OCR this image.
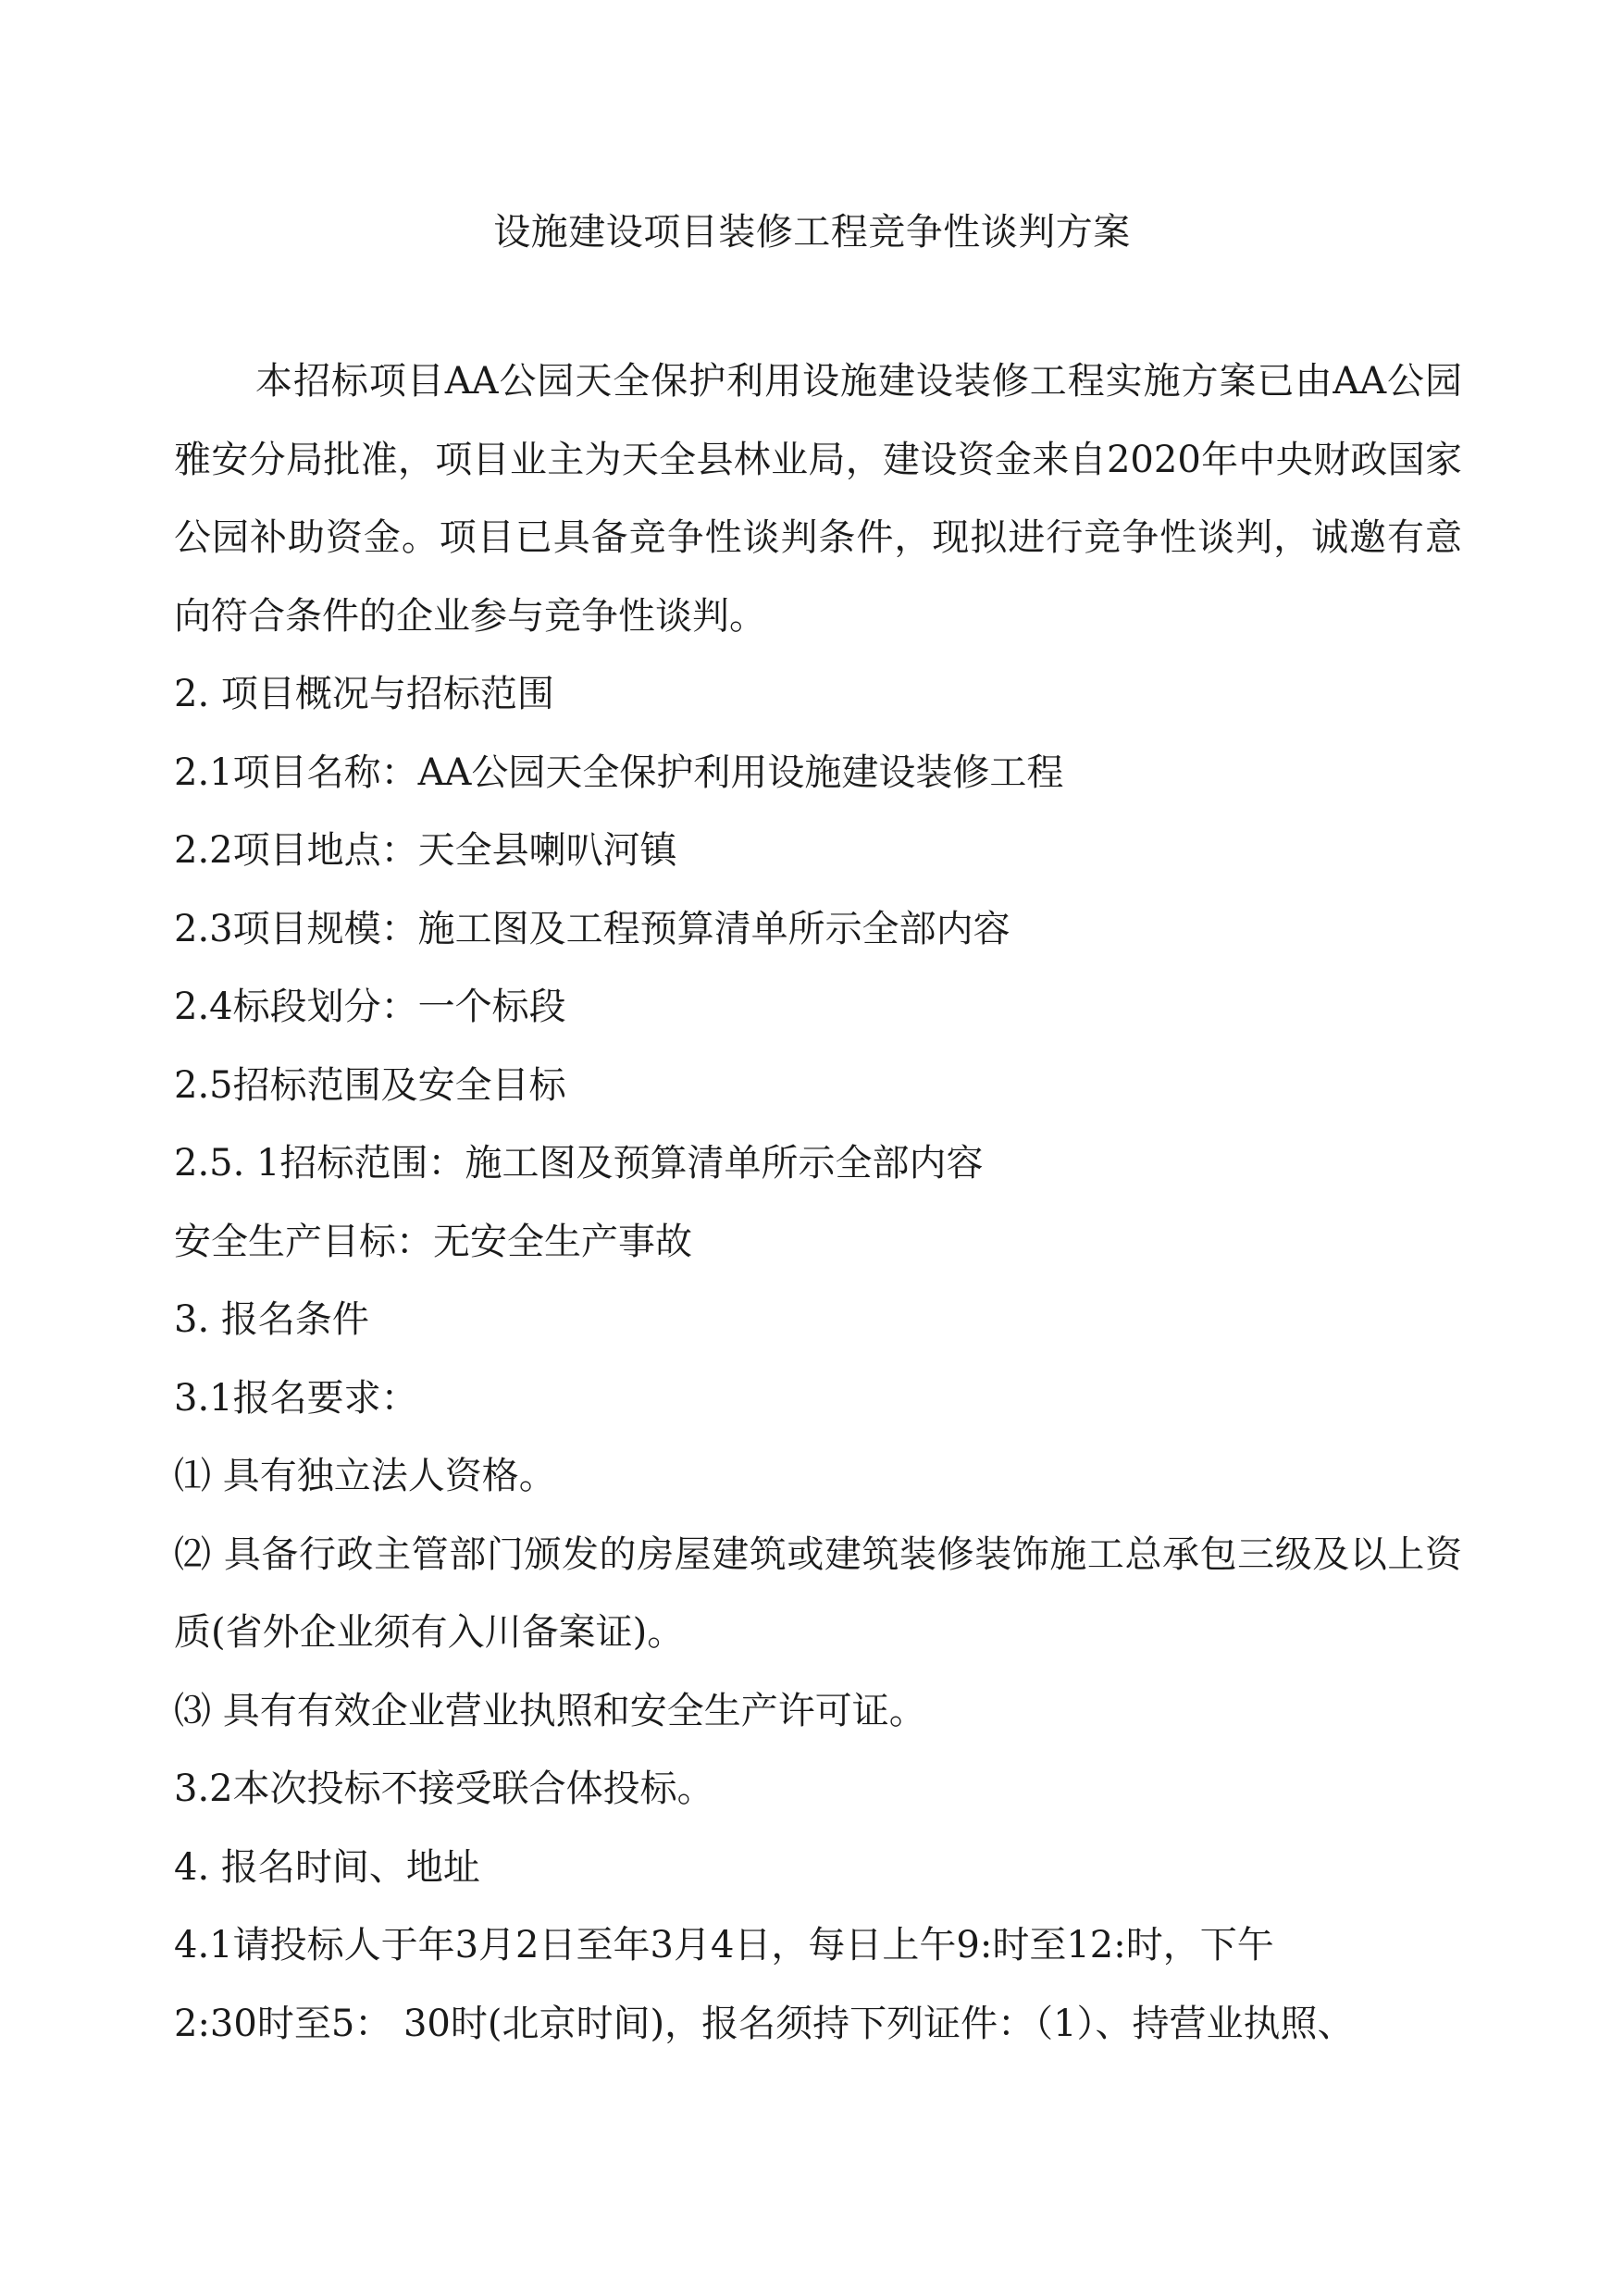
设施建设项目装修工程竞争性谈判方案
本招标项目AA公园天全保护利用设施建设装修工程实施方案已由AA公园雅安分局批准，项目业主为天全县林业局，建设资金来自2020年中央财政国家公园补助资金。项目已具备竞争性谈判条件，现拟进行竞争性谈判，诚邀有意向符合条件的企业参与竞争性谈判。
2. 项目概况与招标范围
2.1项目名称：AA公园天全保护利用设施建设装修工程
2.2项目地点：天全县喇叭河镇
2.3项目规模：施工图及工程预算清单所示全部内容
2.4标段划分：一个标段
2.5招标范围及安全目标
2.5. 1招标范围：施工图及预算清单所示全部内容
安全生产目标：无安全生产事故
3. 报名条件
3.1报名要求：
⑴ 具有独立法人资格。
⑵ 具备行政主管部门颁发的房屋建筑或建筑装修装饰施工总承包三级及以上资质(省外企业须有入川备案证)。
⑶ 具有有效企业营业执照和安全生产许可证。
3.2本次投标不接受联合体投标。
4. 报名时间、地址
4.1请投标人于年3月2日至年3月4日，每日上午9:时至12:时，下午
2:30时至5： 30时(北京时间)，报名须持下列证件：（1）、持营业执照、
